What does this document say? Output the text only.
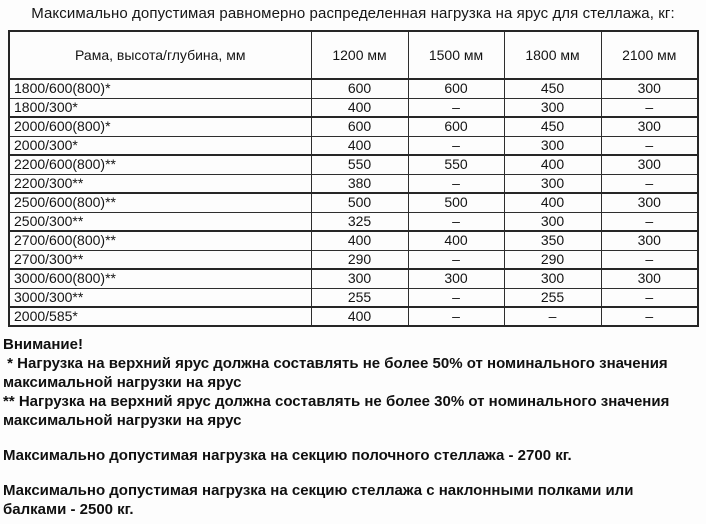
Максимально допустимая равномерно распределенная нагрузка на ярус для стеллажа, кг:
Рама, высота/глубина, мм	1200 мм	1500 мм	1800 мм	2100 мм
1800/600(800)*	600	600	450	300
1800/300*	400	–	300	–
2000/600(800)*	600	600	450	300
2000/300*	400	–	300	–
2200/600(800)**	550	550	400	300
2200/300**	380	–	300	–
2500/600(800)**	500	500	400	300
2500/300**	325	–	300	–
2700/600(800)**	400	400	350	300
2700/300**	290	–	290	–
3000/600(800)**	300	300	300	300
3000/300**	255	–	255	–
2000/585*	400	–	–	–
Внимание!
* Нагрузка на верхний ярус должна составлять не более 50% от номинального значения максимальной нагрузки на ярус
** Нагрузка на верхний ярус должна составлять не более 30% от номинального значения максимальной нагрузки на ярус
Максимально допустимая нагрузка на секцию полочного стеллажа - 2700 кг.
Максимально допустимая нагрузка на секцию стеллажа с наклонными полками или балками - 2500 кг.
